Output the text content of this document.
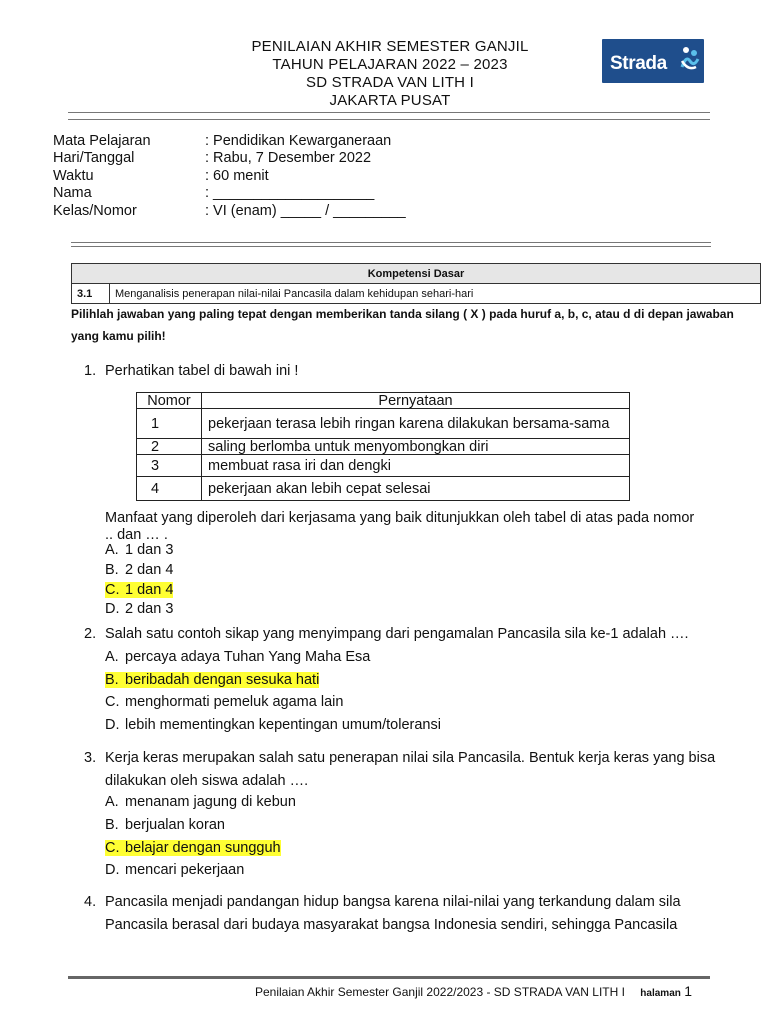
PENILAIAN AKHIR SEMESTER GANJIL
TAHUN PELAJARAN 2022 – 2023
SD STRADA VAN LITH I
JAKARTA PUSAT
Strada
Mata Pelajaran	: Pendidikan Kewarganeraan
Hari/Tanggal	: Rabu, 7 Desember 2022
Waktu	: 60 menit
Nama	: ____________________
Kelas/Nomor	: VI (enam) _____ / _________
Kompetensi Dasar
3.1	Menganalisis penerapan nilai-nilai Pancasila dalam kehidupan sehari-hari
Pilihlah jawaban yang paling tepat dengan memberikan tanda silang ( X ) pada huruf a, b, c, atau d di depan jawaban yang kamu pilih!
1. Perhatikan tabel di bawah ini !
Nomor	Pernyataan
1	pekerjaan terasa lebih ringan karena dilakukan bersama-sama
2	saling berlomba untuk menyombongkan diri
3	membuat rasa iri dan dengki
4	pekerjaan akan lebih cepat selesai
Manfaat yang diperoleh dari kerjasama yang baik ditunjukkan oleh tabel di atas pada nomor .. dan … .
A. 1 dan 3
B. 2 dan 4
C. 1 dan 4
D. 2 dan 3
2. Salah satu contoh sikap yang menyimpang dari pengamalan Pancasila sila ke-1 adalah ….
A. percaya adaya Tuhan Yang Maha Esa
B. beribadah dengan sesuka hati
C. menghormati pemeluk agama lain
D. lebih mementingkan kepentingan umum/toleransi
3. Kerja keras merupakan salah satu penerapan nilai sila Pancasila. Bentuk kerja keras yang bisa dilakukan oleh siswa adalah ….
A. menanam jagung di kebun
B. berjualan koran
C. belajar dengan sungguh
D. mencari pekerjaan
4. Pancasila menjadi pandangan hidup bangsa karena nilai-nilai yang terkandung dalam sila Pancasila berasal dari budaya masyarakat bangsa Indonesia sendiri, sehingga Pancasila
Penilaian Akhir Semester Ganjil 2022/2023 - SD STRADA VAN LITH I halaman 1
